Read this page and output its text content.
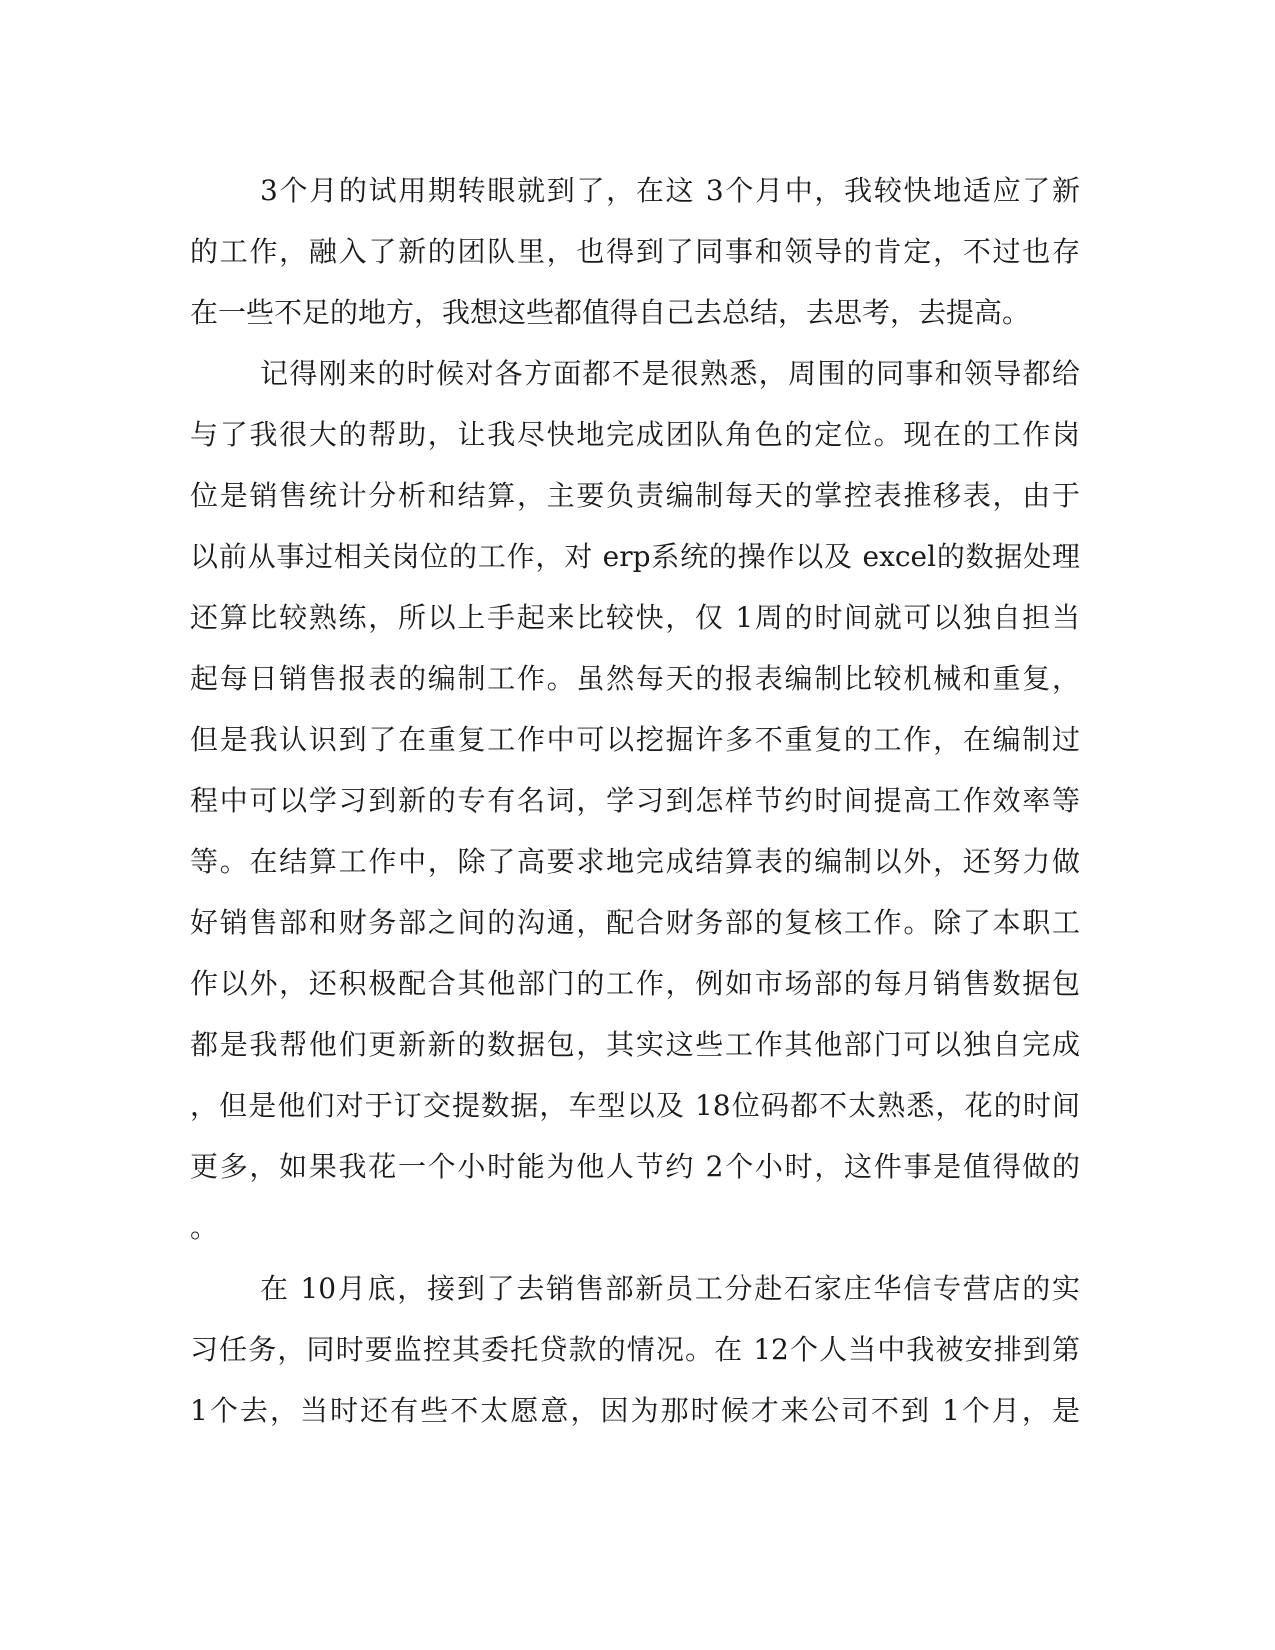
3个月的试用期转眼就到了，在这 3个月中，我较快地适应了新
的工作，融入了新的团队里，也得到了同事和领导的肯定，不过也存
在一些不足的地方，我想这些都值得自己去总结，去思考，去提高。
记得刚来的时候对各方面都不是很熟悉，周围的同事和领导都给
与了我很大的帮助，让我尽快地完成团队角色的定位。现在的工作岗
位是销售统计分析和结算，主要负责编制每天的掌控表推移表，由于
以前从事过相关岗位的工作，对 erp系统的操作以及 excel的数据处理
还算比较熟练，所以上手起来比较快，仅 1周的时间就可以独自担当
起每日销售报表的编制工作。虽然每天的报表编制比较机械和重复，
但是我认识到了在重复工作中可以挖掘许多不重复的工作，在编制过
程中可以学习到新的专有名词，学习到怎样节约时间提高工作效率等
等。在结算工作中，除了高要求地完成结算表的编制以外，还努力做
好销售部和财务部之间的沟通，配合财务部的复核工作。除了本职工
作以外，还积极配合其他部门的工作，例如市场部的每月销售数据包
都是我帮他们更新新的数据包，其实这些工作其他部门可以独自完成
，但是他们对于订交提数据，车型以及 18位码都不太熟悉，花的时间
更多，如果我花一个小时能为他人节约 2个小时，这件事是值得做的
。
在 10月底，接到了去销售部新员工分赴石家庄华信专营店的实
习任务，同时要监控其委托贷款的情况。在 12个人当中我被安排到第
1个去，当时还有些不太愿意，因为那时候才来公司不到 1个月，是
